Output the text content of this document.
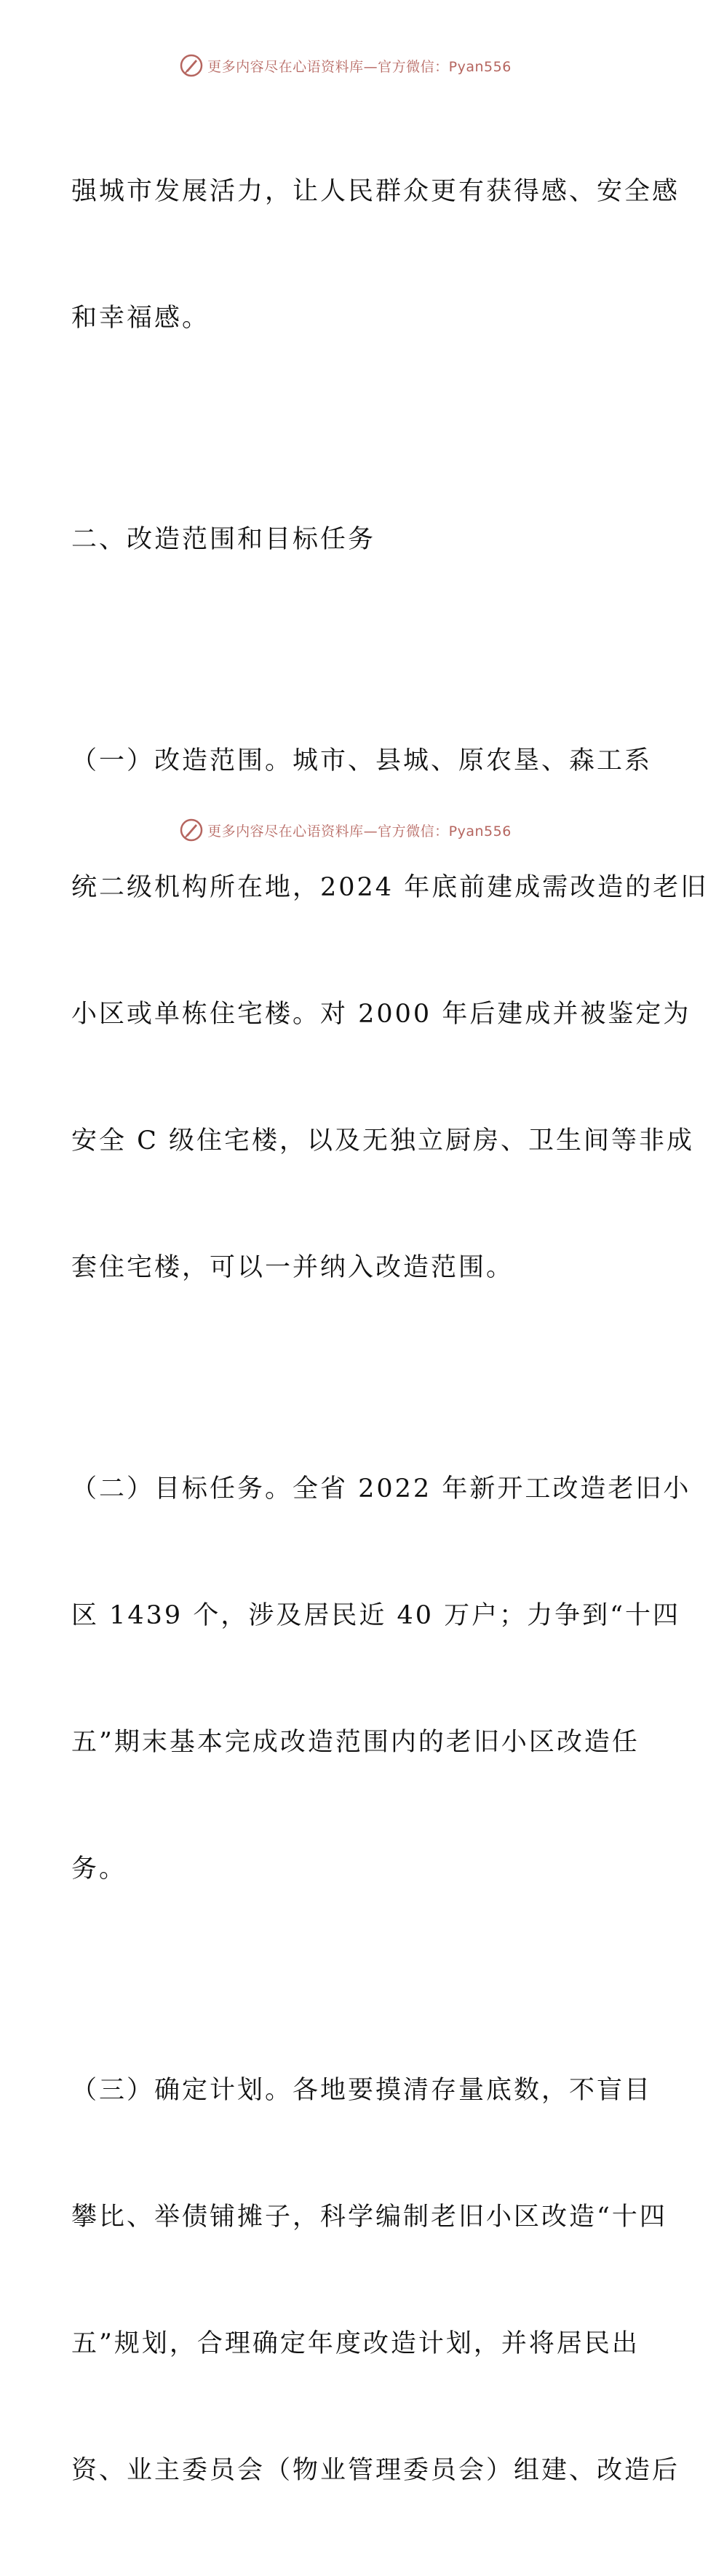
更多内容尽在心语资料库—官方微信：Pyan556

强城市发展活力，让人民群众更有获得感、安全感

和幸福感。

二、改造范围和目标任务

（一）改造范围。城市、县城、原农垦、森工系

统二级机构所在地，2024 年底前建成需改造的老旧

小区或单栋住宅楼。对 2000 年后建成并被鉴定为

安全 C 级住宅楼，以及无独立厨房、卫生间等非成

套住宅楼，可以一并纳入改造范围。

（二）目标任务。全省 2022 年新开工改造老旧小

区 1439 个，涉及居民近 40 万户；力争到“十四

五”期末基本完成改造范围内的老旧小区改造任

务。

（三）确定计划。各地要摸清存量底数，不盲目

攀比、举债铺摊子，科学编制老旧小区改造“十四

五”规划，合理确定年度改造计划，并将居民出

资、业主委员会（物业管理委员会）组建、改造后

更多内容尽在心语资料库—官方微信：Pyan556
